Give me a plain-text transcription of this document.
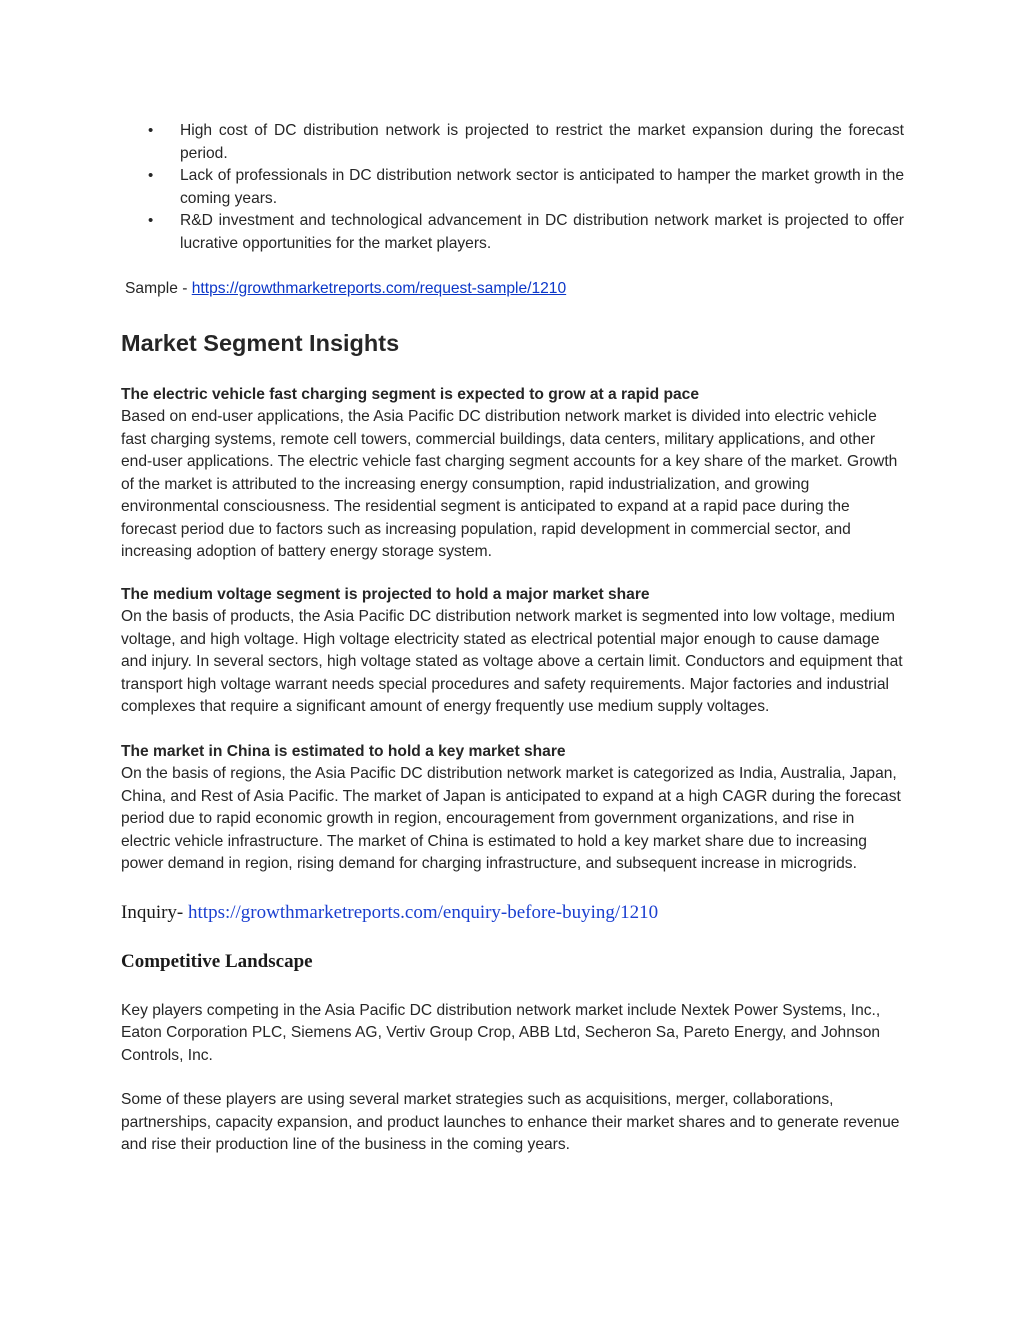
• High cost of DC distribution network is projected to restrict the market expansion during the forecast period.
• Lack of professionals in DC distribution network sector is anticipated to hamper the market growth in the coming years.
• R&D investment and technological advancement in DC distribution network market is projected to offer lucrative opportunities for the market players.
Sample - https://growthmarketreports.com/request-sample/1210
Market Segment Insights
The electric vehicle fast charging segment is expected to grow at a rapid pace

Based on end-user applications, the Asia Pacific DC distribution network market is divided into electric vehicle fast charging systems, remote cell towers, commercial buildings, data centers, military applications, and other end-user applications. The electric vehicle fast charging segment accounts for a key share of the market. Growth of the market is attributed to the increasing energy consumption, rapid industrialization, and growing environmental consciousness. The residential segment is anticipated to expand at a rapid pace during the forecast period due to factors such as increasing population, rapid development in commercial sector, and increasing adoption of battery energy storage system.

The medium voltage segment is projected to hold a major market share

On the basis of products, the Asia Pacific DC distribution network market is segmented into low voltage, medium voltage, and high voltage. High voltage electricity stated as electrical potential major enough to cause damage and injury. In several sectors, high voltage stated as voltage above a certain limit. Conductors and equipment that transport high voltage warrant needs special procedures and safety requirements. Major factories and industrial complexes that require a significant amount of energy frequently use medium supply voltages.

The market in China is estimated to hold a key market share

On the basis of regions, the Asia Pacific DC distribution network market is categorized as India, Australia, Japan, China, and Rest of Asia Pacific. The market of Japan is anticipated to expand at a high CAGR during the forecast period due to rapid economic growth in region, encouragement from government organizations, and rise in electric vehicle infrastructure. The market of China is estimated to hold a key market share due to increasing power demand in region, rising demand for charging infrastructure, and subsequent increase in microgrids.

Inquiry- https://growthmarketreports.com/enquiry-before-buying/1210
Competitive Landscape

Key players competing in the Asia Pacific DC distribution network market include Nextek Power Systems, Inc., Eaton Corporation PLC, Siemens AG, Vertiv Group Crop, ABB Ltd, Secheron Sa, Pareto Energy, and Johnson Controls, Inc.

Some of these players are using several market strategies such as acquisitions, merger, collaborations, partnerships, capacity expansion, and product launches to enhance their market shares and to generate revenue and rise their production line of the business in the coming years.
